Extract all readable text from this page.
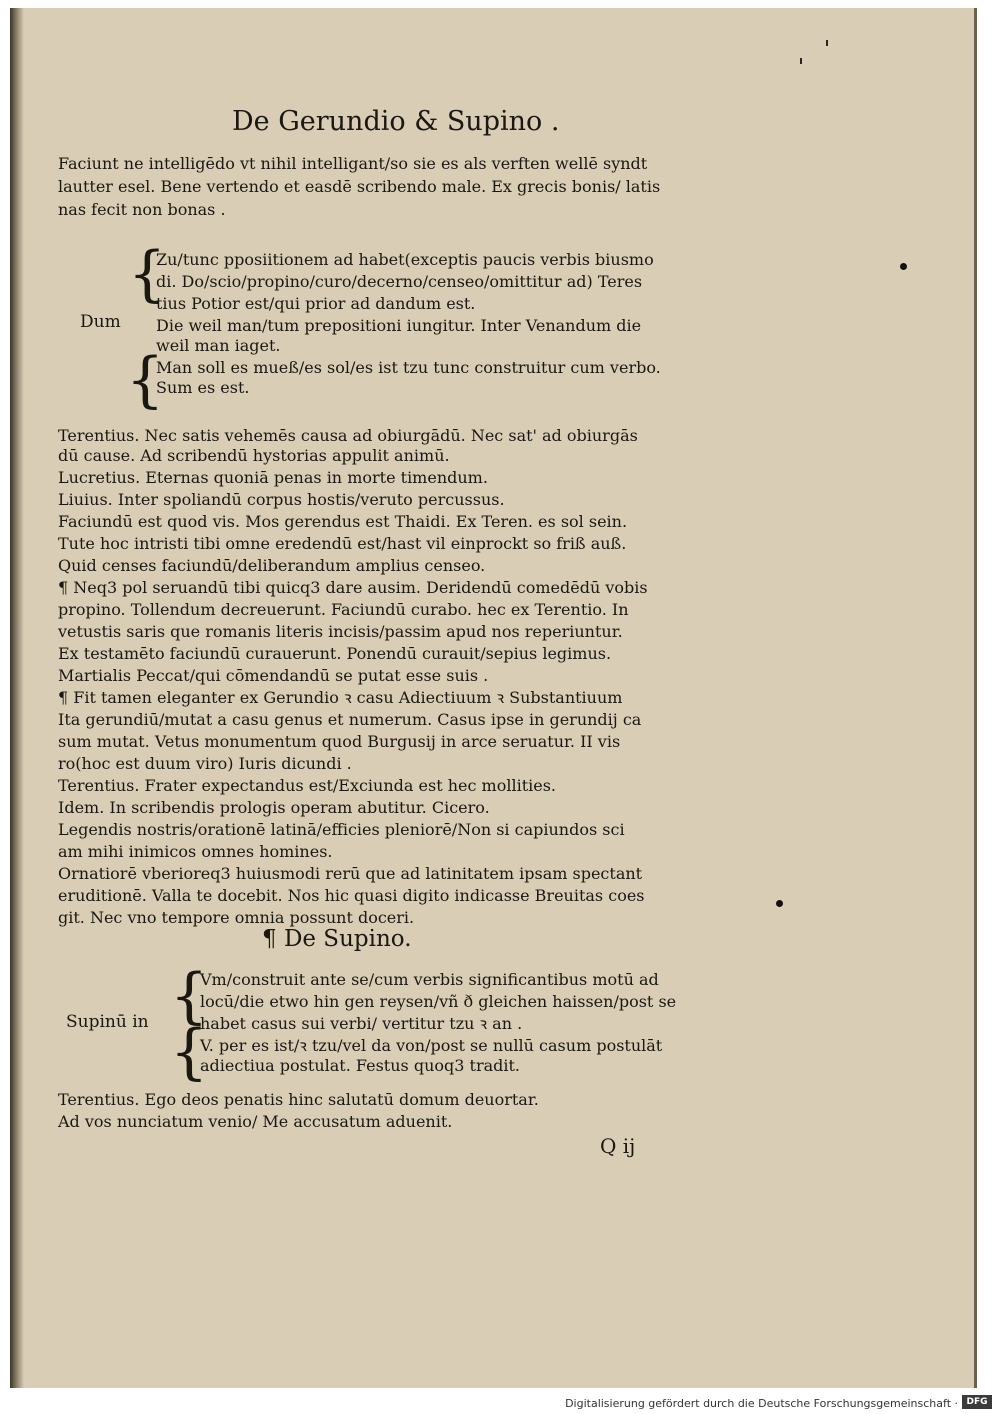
De Gerundio & Supino .
Faciunt ne intelligēdo vt nihil intelligant/so sie es als verften wellē syndt
lautter esel. Bene vertendo et easdē scribendo male. Ex grecis bonis/ latis
nas fecit non bonas .
{
{
Dum
Zu/tunc pposiitionem ad habet(exceptis paucis verbis biusmo
di. Do/scio/propino/curo/decerno/censeo/omittitur ad) Teres
tius Potior est/qui prior ad dandum est.
Die weil man/tum prepositioni iungitur. Inter Venandum die
weil man iaget.
Man soll es mueß/es sol/es ist tzu tunc construitur cum verbo.
Sum es est.
Terentius. Nec satis vehemēs causa ad obiurgādū. Nec sat' ad obiurgās
dū cause. Ad scribendū hystorias appulit animū.
Lucretius. Eternas quoniā penas in morte timendum.
Liuius. Inter spoliandū corpus hostis/veruto percussus.
Faciundū est quod vis. Mos gerendus est Thaidi. Ex Teren. es sol sein.
Tute hoc intristi tibi omne eredendū est/hast vil einprockt so friß auß.
Quid censes faciundū/deliberandum amplius censeo.
¶ Neq3 pol seruandū tibi quicq3 dare ausim. Deridendū comedēdū vobis
propino. Tollendum decreuerunt. Faciundū curabo. hec ex Terentio. In
vetustis saris que romanis literis incisis/passim apud nos reperiuntur.
Ex testamēto faciundū curauerunt. Ponendū curauit/sepius legimus.
Martialis Peccat/qui cōmendandū se putat esse suis .
¶ Fit tamen eleganter ex Gerundio ꝛ casu Adiectiuum ꝛ Substantiuum
Ita gerundiū/mutat a casu genus et numerum. Casus ipse in gerundij ca
sum mutat. Vetus monumentum quod Burgusij in arce seruatur. II vis
ro(hoc est duum viro) Iuris dicundi .
Terentius. Frater expectandus est/Exciunda est hec mollities.
Idem. In scribendis prologis operam abutitur. Cicero.
Legendis nostris/orationē latinā/efficies pleniorē/Non si capiundos sci
am mihi inimicos omnes homines.
Ornatiorē vberioreq3 huiusmodi rerū que ad latinitatem ipsam spectant
eruditionē. Valla te docebit. Nos hic quasi digito indicasse Breuitas coes
git. Nec vno tempore omnia possunt doceri.
¶ De Supino.
Supinū in {
{
Vm/construit ante se/cum verbis significantibus motū ad
locū/die etwo hin gen reysen/vñ ð gleichen haissen/post se
habet casus sui verbi/ vertitur tzu ꝛ an .
V. per es ist/ꝛ tzu/vel da von/post se nullū casum postulāt
adiectiua postulat. Festus quoq3 tradit.
Terentius. Ego deos penatis hinc salutatū domum deuortar.
Ad vos nunciatum venio/ Me accusatum aduenit.
Q ij
Digitalisierung gefördert durch die Deutsche Forschungsgemeinschaft · DFG
